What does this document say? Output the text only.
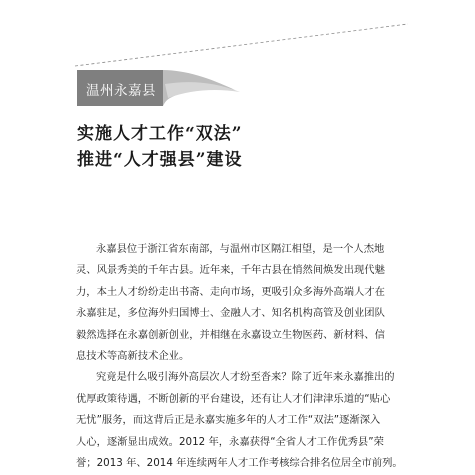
温州永嘉县
实施人才工作“双法”
推进“人才强县”建设

永嘉县位于浙江省东南部，与温州市区隔江相望，是一个人杰地
灵、风景秀美的千年古县。近年来，千年古县在悄然间焕发出现代魅
力，本土人才纷纷走出书斋、走向市场，更吸引众多海外高端人才在
永嘉驻足，多位海外归国博士、金融人才、知名机构高管及创业团队
毅然选择在永嘉创新创业，并相继在永嘉设立生物医药、新材料、信
息技术等高新技术企业。

究竟是什么吸引海外高层次人才纷至沓来？除了近年来永嘉推出的
优厚政策待遇，不断创新的平台建设，还有让人才们津津乐道的“贴心
无忧”服务，而这背后正是永嘉实施多年的人才工作“双法”逐渐深入
人心，逐渐显出成效。2012 年，永嘉获得“全省人才工作优秀县”荣
誉；2013 年、2014 年连续两年人才工作考核综合排名位居全市前列。
